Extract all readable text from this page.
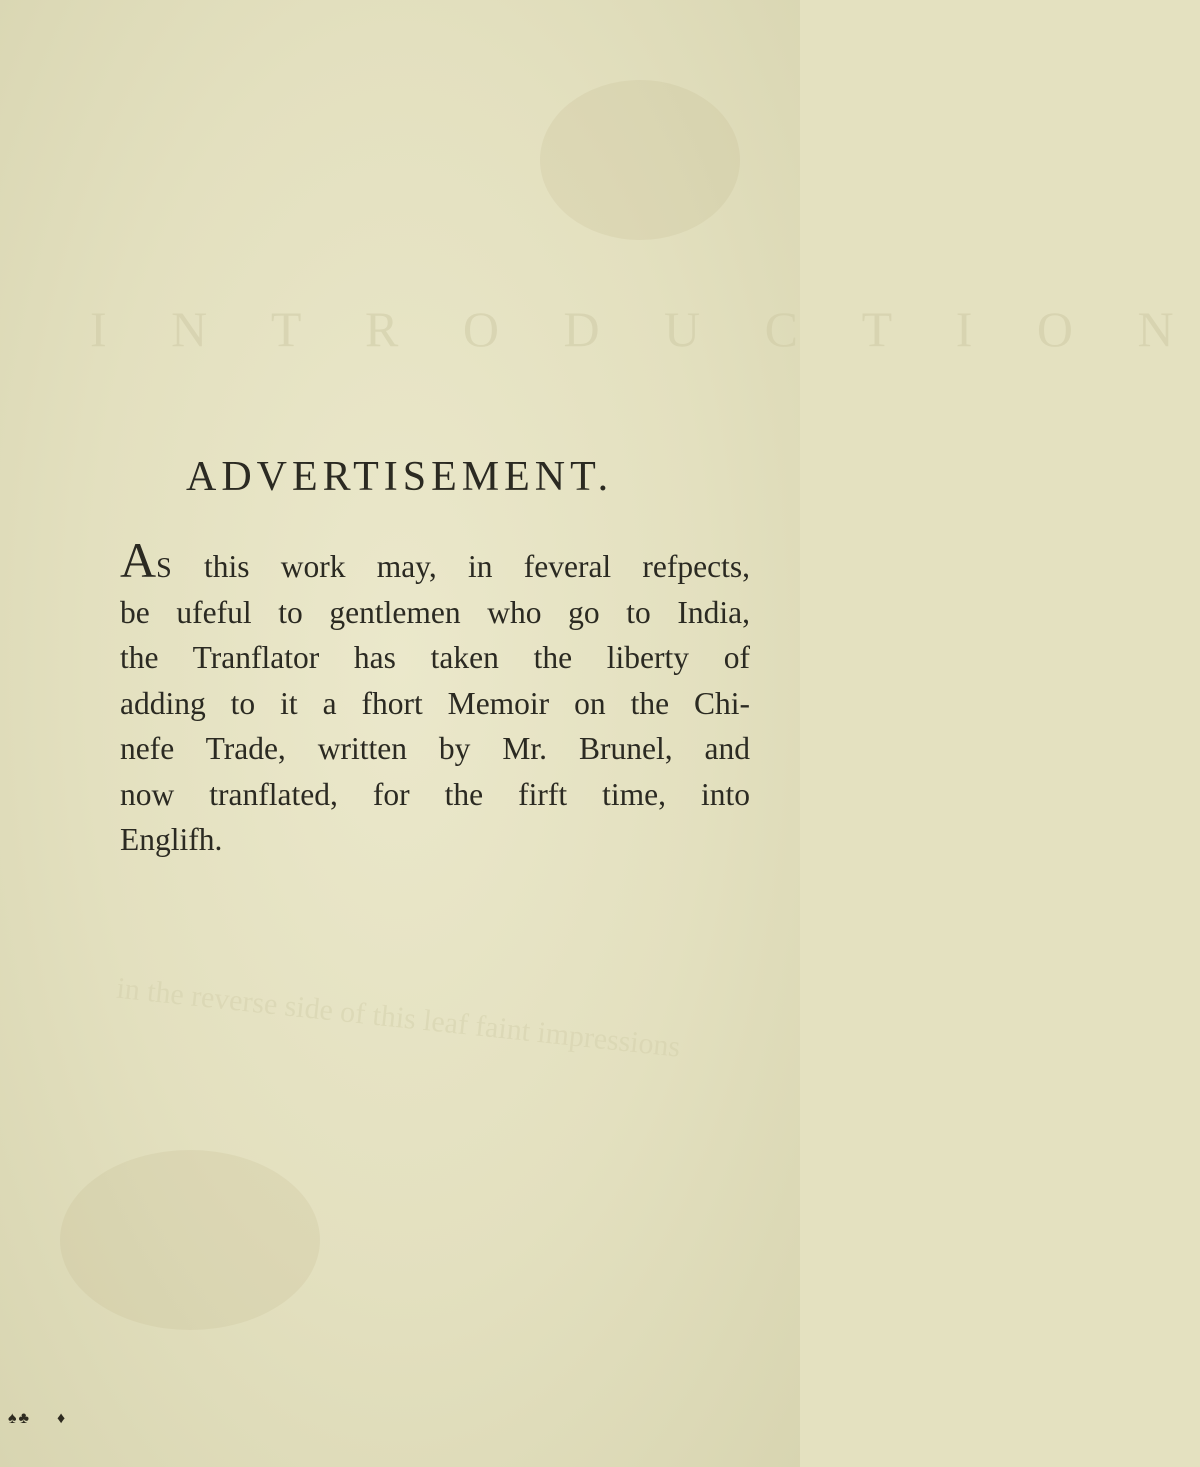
I N T R O D U C T I O N
in the reverse side of this leaf faint impressions
ADVERTISEMENT.
AS this work may, in feveral refpects,
be ufeful to gentlemen who go to India,
the Tranflator has taken the liberty of
adding to it a fhort Memoir on the Chi-
nefe Trade, written by Mr. Brunel, and
now tranflated, for the firft time, into
Englifh.
♠♣ ♦
